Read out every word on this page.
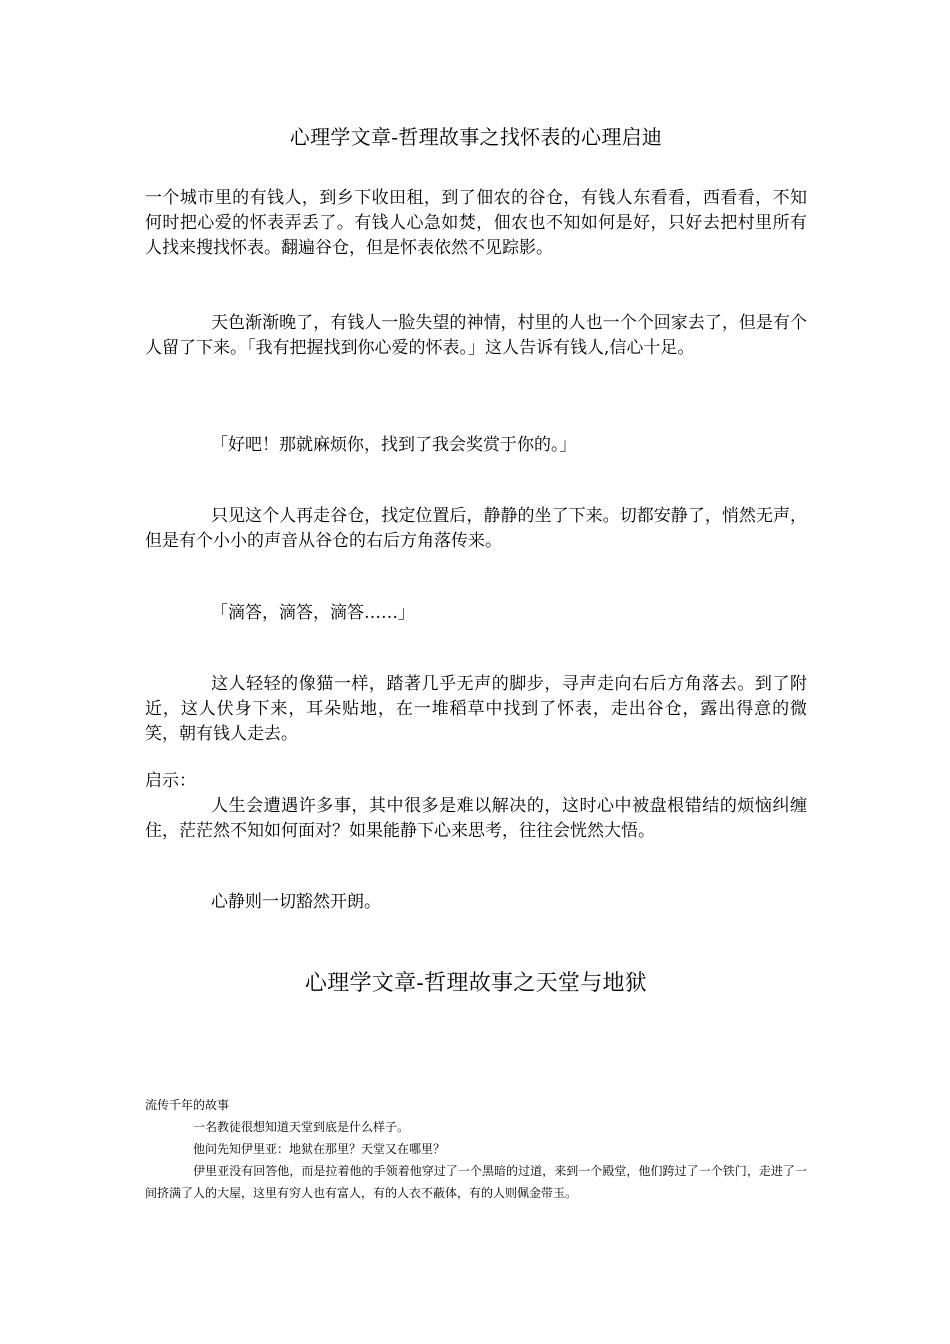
心理学文章-哲理故事之找怀表的心理启迪

一个城市里的有钱人，到乡下收田租，到了佃农的谷仓，有钱人东看看，西看看，不知何时把心爱的怀表弄丢了。有钱人心急如焚，佃农也不知如何是好，只好去把村里所有人找来搜找怀表。翻遍谷仓，但是怀表依然不见踪影。

天色渐渐晚了，有钱人一脸失望的神情，村里的人也一个个回家去了，但是有个人留了下来。「我有把握找到你心爱的怀表。」这人告诉有钱人,信心十足。

「好吧！那就麻烦你，找到了我会奖赏于你的。」

只见这个人再走谷仓，找定位置后，静静的坐了下来。切都安静了，悄然无声，但是有个小小的声音从谷仓的右后方角落传来。

「滴答，滴答，滴答……」

这人轻轻的像猫一样，踏著几乎无声的脚步，寻声走向右后方角落去。到了附近，这人伏身下来，耳朵贴地，在一堆稻草中找到了怀表，走出谷仓，露出得意的微笑，朝有钱人走去。

启示：

人生会遭遇许多事，其中很多是难以解决的，这时心中被盘根错结的烦恼纠缠住，茫茫然不知如何面对？如果能静下心来思考，往往会恍然大悟。

心静则一切豁然开朗。

心理学文章-哲理故事之天堂与地狱

流传千年的故事

一名教徒很想知道天堂到底是什么样子。

他问先知伊里亚：地狱在那里？天堂又在哪里？

伊里亚没有回答他，而是拉着他的手领着他穿过了一个黑暗的过道，来到一个殿堂，他们跨过了一个铁门，走进了一间挤满了人的大屋，这里有穷人也有富人，有的人衣不蔽体，有的人则佩金带玉。
